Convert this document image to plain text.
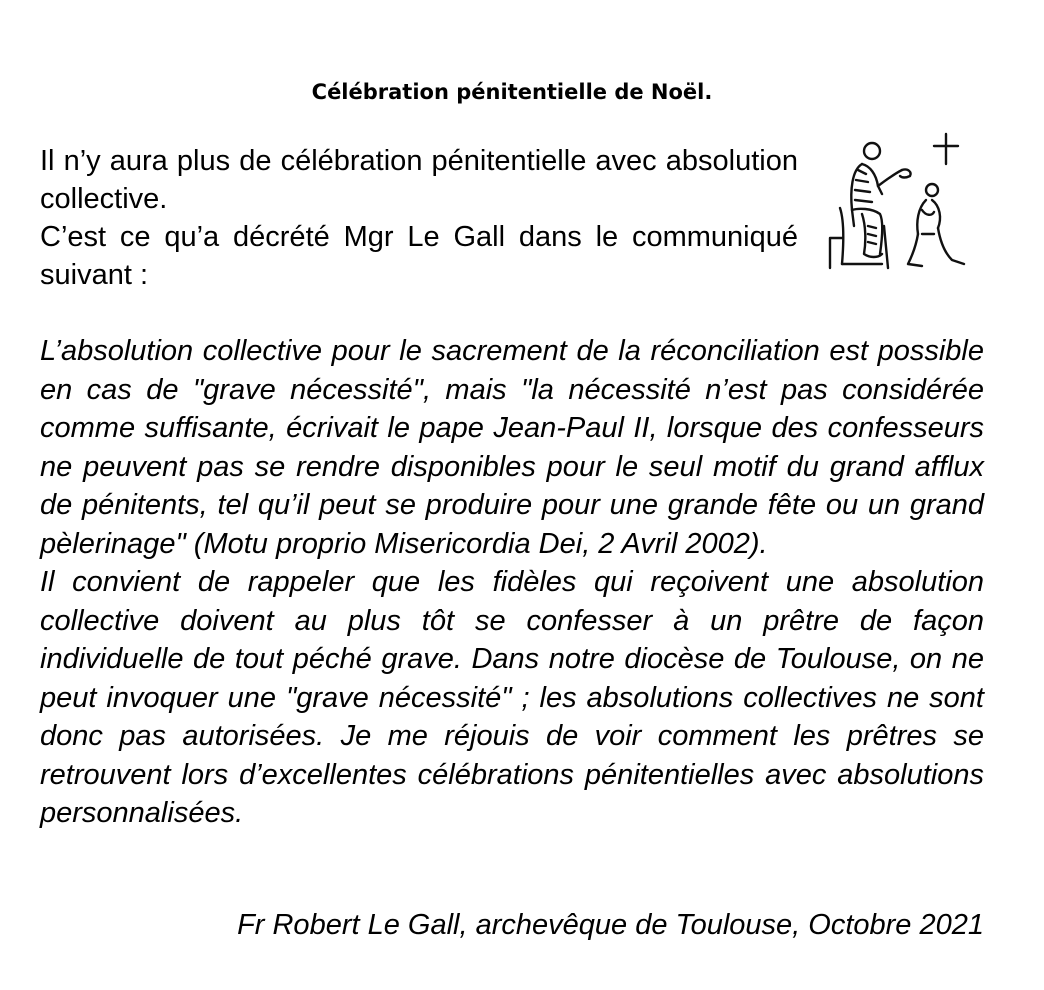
Célébration pénitentielle de Noël.

Il n’y aura plus de célébration pénitentielle avec absolution collective.

C’est ce qu’a décrété Mgr Le Gall dans le communiqué suivant :

L’absolution collective pour le sacrement de la réconciliation est possible en cas de "grave nécessité", mais "la nécessité n’est pas considérée comme suffisante, écrivait le pape Jean-Paul II, lorsque des confesseurs ne peuvent pas se rendre disponibles pour le seul motif du grand afflux de pénitents, tel qu’il peut se produire pour une grande fête ou un grand pèlerinage" (Motu proprio Misericordia Dei, 2 Avril 2002).

Il convient de rappeler que les fidèles qui reçoivent une absolution collective doivent au plus tôt se confesser à un prêtre de façon individuelle de tout péché grave. Dans notre diocèse de Toulouse, on ne peut invoquer une "grave nécessité" ; les absolutions collectives ne sont donc pas autorisées. Je me réjouis de voir comment les prêtres se retrouvent lors d’excellentes célébrations pénitentielles avec absolutions personnalisées.

Fr Robert Le Gall, archevêque de Toulouse, Octobre 2021
